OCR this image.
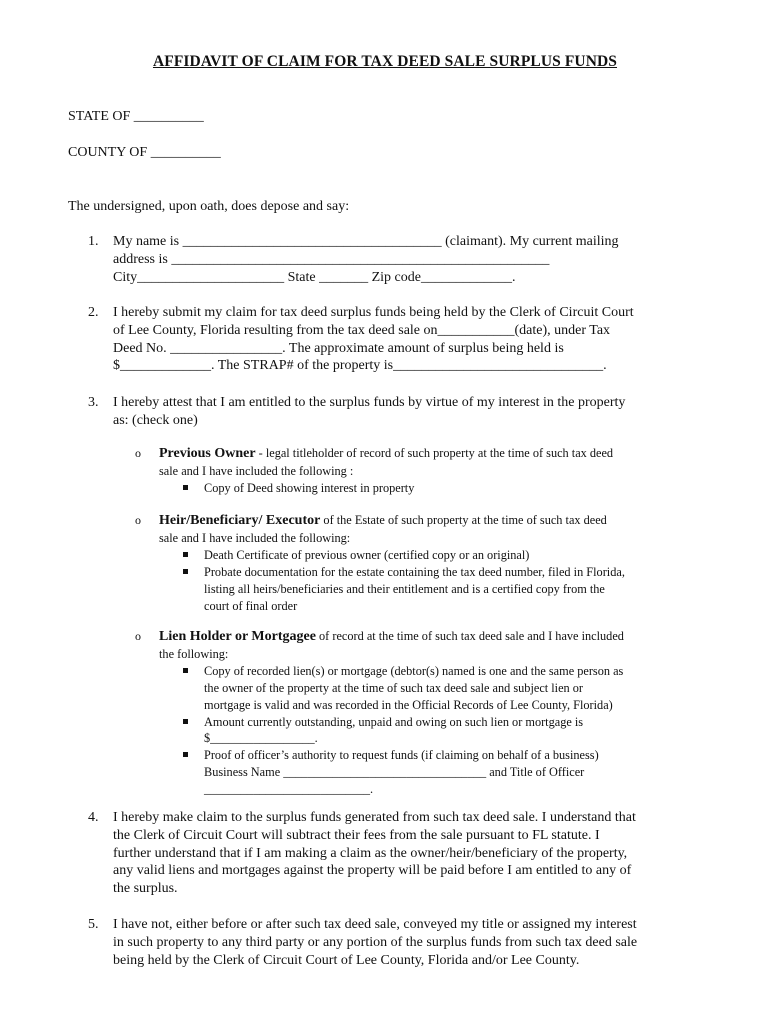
AFFIDAVIT OF CLAIM FOR TAX DEED SALE SURPLUS FUNDS
STATE OF __________
COUNTY OF __________
The undersigned, upon oath, does depose and say:
1. My name is _____________________________________ (claimant). My current mailing
address is ______________________________________________________
City_____________________ State _______ Zip code_____________.
2. I hereby submit my claim for tax deed surplus funds being held by the Clerk of Circuit Court
of Lee County, Florida resulting from the tax deed sale on___________(date), under Tax
Deed No. ________________. The approximate amount of surplus being held is
$_____________. The STRAP# of the property is______________________________.
3. I hereby attest that I am entitled to the surplus funds by virtue of my interest in the property
as: (check one)
o Previous Owner - legal titleholder of record of such property at the time of such tax deed
sale and I have included the following :
Copy of Deed showing interest in property
o Heir/Beneficiary/ Executor of the Estate of such property at the time of such tax deed
sale and I have included the following:
Death Certificate of previous owner (certified copy or an original)
Probate documentation for the estate containing the tax deed number, filed in Florida,
listing all heirs/beneficiaries and their entitlement and is a certified copy from the
court of final order
o Lien Holder or Mortgagee of record at the time of such tax deed sale and I have included
the following:
Copy of recorded lien(s) or mortgage (debtor(s) named is one and the same person as
the owner of the property at the time of such tax deed sale and subject lien or
mortgage is valid and was recorded in the Official Records of Lee County, Florida)
Amount currently outstanding, unpaid and owing on such lien or mortgage is
$_________________.
Proof of officer’s authority to request funds (if claiming on behalf of a business)
Business Name _________________________________ and Title of Officer
___________________________.
4. I hereby make claim to the surplus funds generated from such tax deed sale. I understand that
the Clerk of Circuit Court will subtract their fees from the sale pursuant to FL statute. I
further understand that if I am making a claim as the owner/heir/beneficiary of the property,
any valid liens and mortgages against the property will be paid before I am entitled to any of
the surplus.
5. I have not, either before or after such tax deed sale, conveyed my title or assigned my interest
in such property to any third party or any portion of the surplus funds from such tax deed sale
being held by the Clerk of Circuit Court of Lee County, Florida and/or Lee County.
